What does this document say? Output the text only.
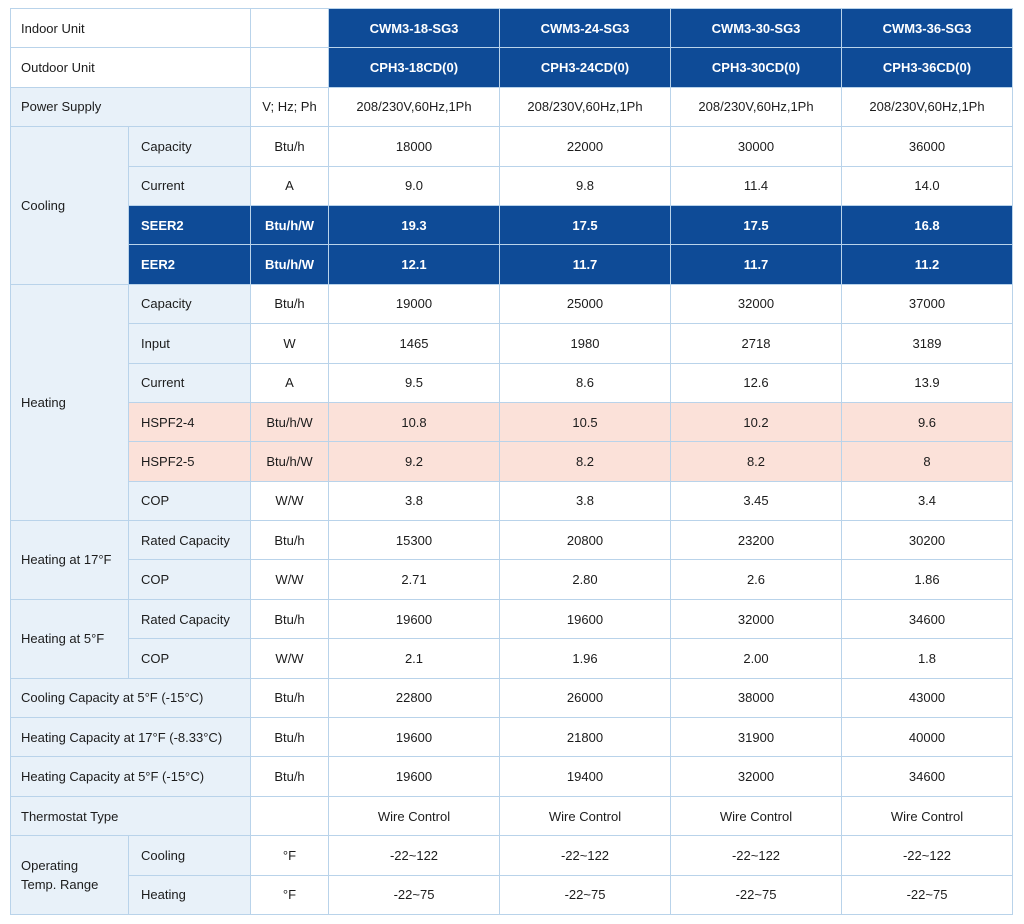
Indoor Unit			CWM3-18-SG3	CWM3-24-SG3	CWM3-30-SG3	CWM3-36-SG3
Outdoor Unit			CPH3-18CD(0)	CPH3-24CD(0)	CPH3-30CD(0)	CPH3-36CD(0)
Power Supply		V; Hz; Ph	208/230V,60Hz,1Ph	208/230V,60Hz,1Ph	208/230V,60Hz,1Ph	208/230V,60Hz,1Ph
Cooling	Capacity	Btu/h	18000	22000	30000	36000
	Current	A	9.0	9.8	11.4	14.0
	SEER2	Btu/h/W	19.3	17.5	17.5	16.8
	EER2	Btu/h/W	12.1	11.7	11.7	11.2
Heating	Capacity	Btu/h	19000	25000	32000	37000
	Input	W	1465	1980	2718	3189
	Current	A	9.5	8.6	12.6	13.9
	HSPF2-4	Btu/h/W	10.8	10.5	10.2	9.6
	HSPF2-5	Btu/h/W	9.2	8.2	8.2	8
	COP	W/W	3.8	3.8	3.45	3.4
Heating at 17°F	Rated Capacity	Btu/h	15300	20800	23200	30200
	COP	W/W	2.71	2.80	2.6	1.86
Heating at 5°F	Rated Capacity	Btu/h	19600	19600	32000	34600
	COP	W/W	2.1	1.96	2.00	1.8
Cooling Capacity at 5°F (-15°C)		Btu/h	22800	26000	38000	43000
Heating Capacity at 17°F (-8.33°C)		Btu/h	19600	21800	31900	40000
Heating Capacity at 5°F (-15°C)		Btu/h	19600	19400	32000	34600
Thermostat Type			Wire Control	Wire Control	Wire Control	Wire Control

Operating
Temp. Range	Cooling	°F	-22~122	-22~122	-22~122	-22~122
	Heating	°F	-22~75	-22~75	-22~75	-22~75
